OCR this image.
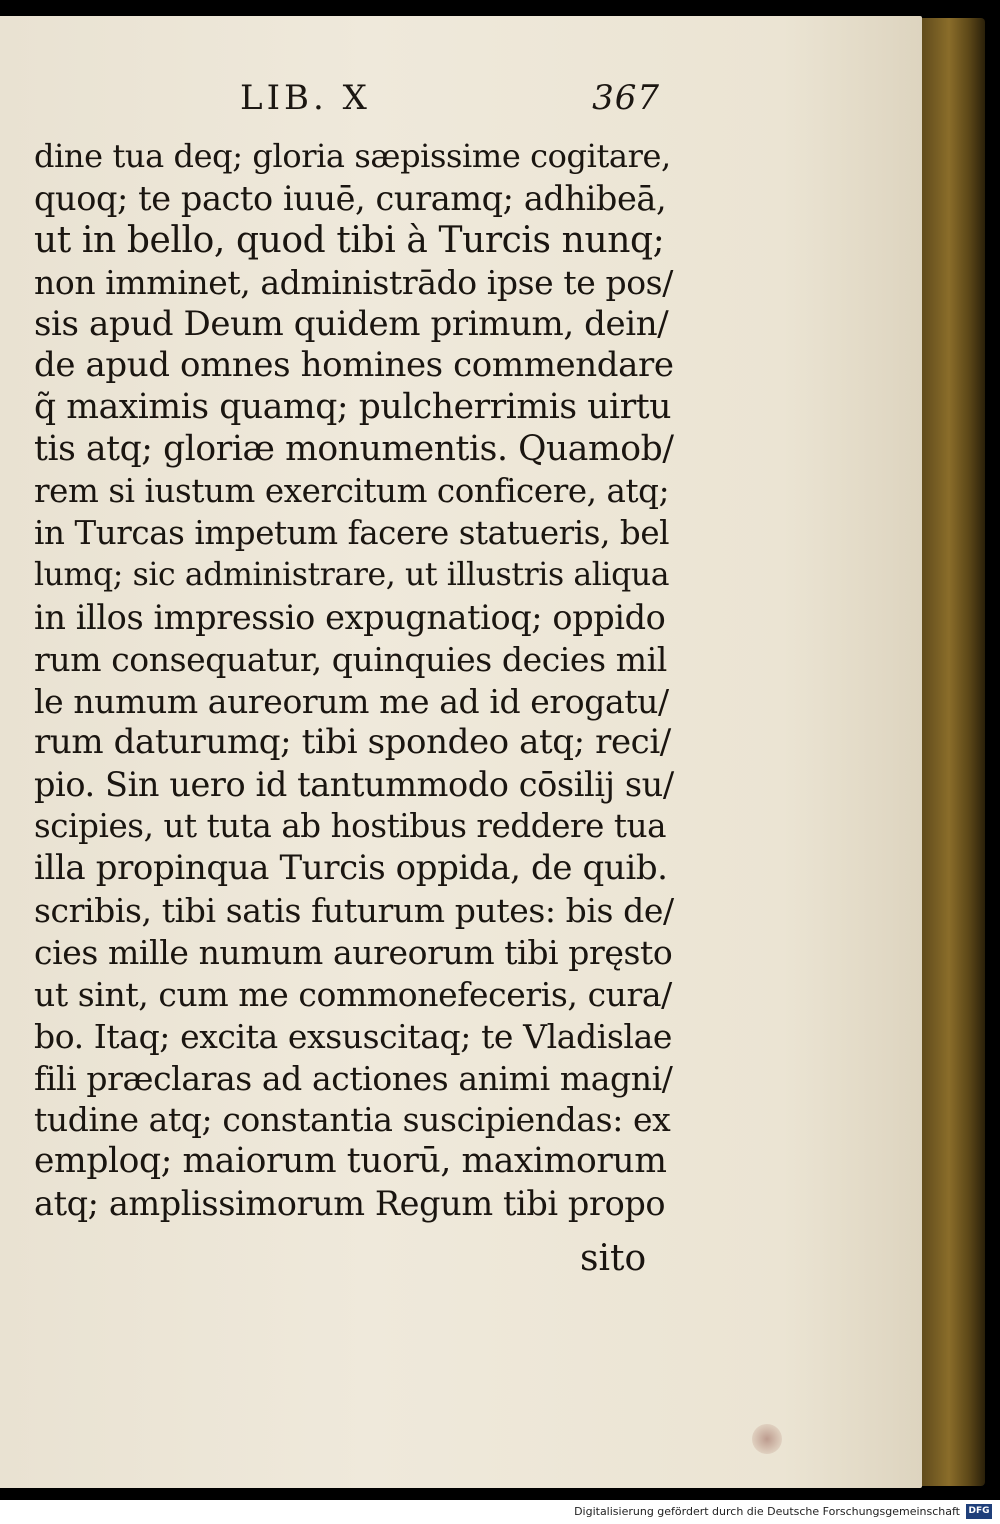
LIB. X	367
dine tua deq; gloria sæpissime cogitare,
quoq; te pacto iuuē, curamq; adhibeā,
ut in bello, quod tibi à Turcis nunq;
non imminet, administrādo ipse te pos/
sis apud Deum quidem primum, dein/
de apud omnes homines commendare
q̃ maximis quamq; pulcherrimis uirtu
tis atq; gloriæ monumentis. Quamob/
rem si iustum exercitum conficere, atq;
in Turcas impetum facere statueris, bel
lumq; sic administrare, ut illustris aliqua
in illos impressio expugnatioq; oppido
rum consequatur, quinquies decies mil
le numum aureorum me ad id erogatu/
rum daturumq; tibi spondeo atq; reci/
pio. Sin uero id tantummodo cōsilij su/
scipies, ut tuta ab hostibus reddere tua
illa propinqua Turcis oppida, de quib.
scribis, tibi satis futurum putes: bis de/
cies mille numum aureorum tibi pręsto
ut sint, cum me commonefeceris, cura/
bo. Itaq; excita exsuscitaq; te Vladislae
fili præclaras ad actiones animi magni/
tudine atq; constantia suscipiendas: ex
emploq; maiorum tuorū, maximorum
atq; amplissimorum Regum tibi propo
sito
Digitalisierung gefördert durch die Deutsche Forschungsgemeinschaft DFG
